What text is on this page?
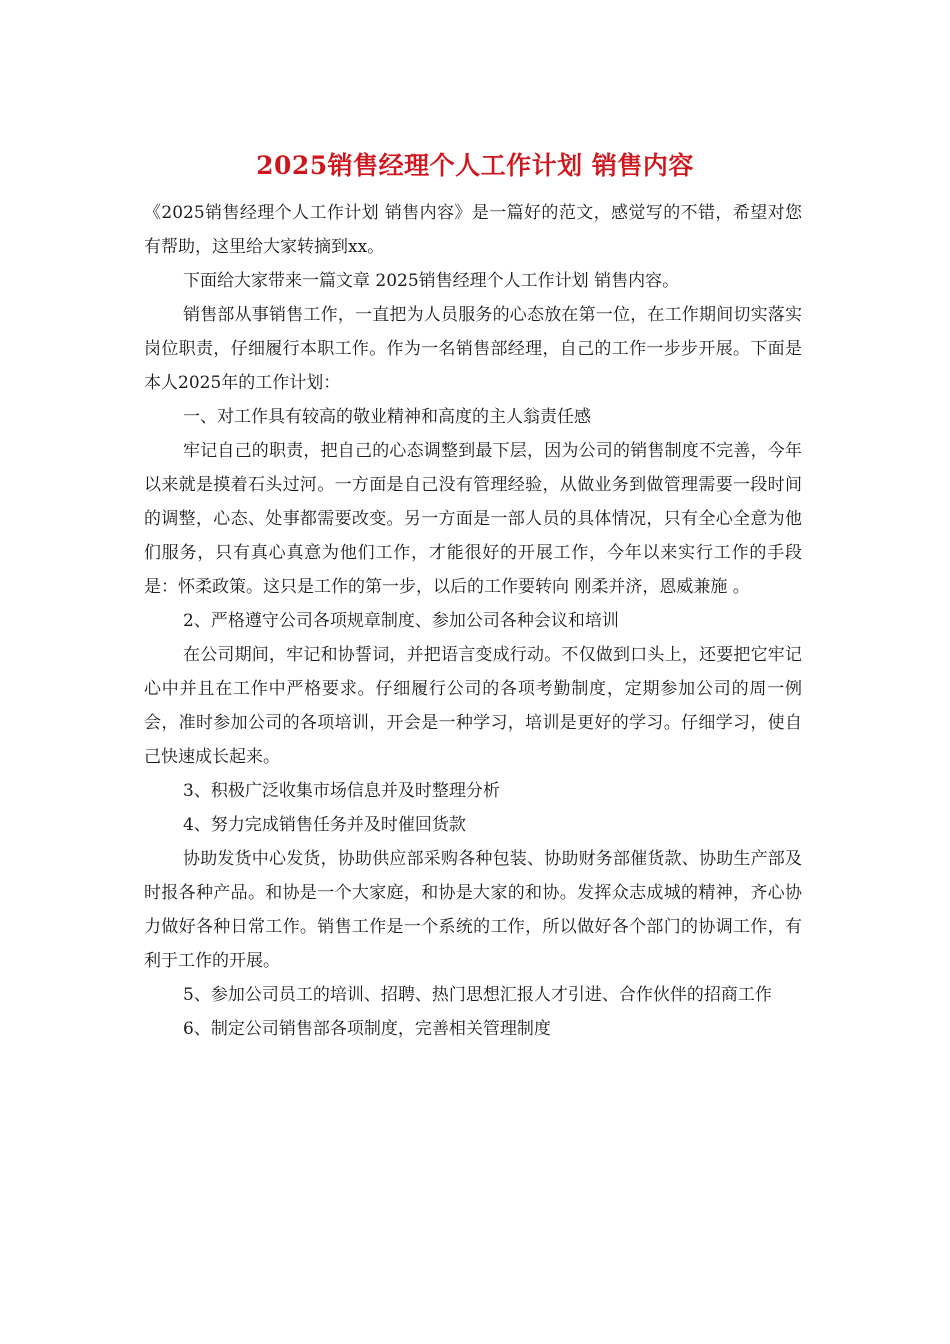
2025销售经理个人工作计划 销售内容

《2025销售经理个人工作计划 销售内容》是一篇好的范文，感觉写的不错，希望对您有帮助，这里给大家转摘到xx。

下面给大家带来一篇文章 2025销售经理个人工作计划 销售内容。

销售部从事销售工作，一直把为人员服务的心态放在第一位，在工作期间切实落实岗位职责，仔细履行本职工作。作为一名销售部经理，自己的工作一步步开展。下面是本人2025年的工作计划：

一、对工作具有较高的敬业精神和高度的主人翁责任感

牢记自己的职责，把自己的心态调整到最下层，因为公司的销售制度不完善，今年以来就是摸着石头过河。一方面是自己没有管理经验，从做业务到做管理需要一段时间的调整，心态、处事都需要改变。另一方面是一部人员的具体情况，只有全心全意为他们服务，只有真心真意为他们工作，才能很好的开展工作，今年以来实行工作的手段是：怀柔政策。这只是工作的第一步，以后的工作要转向 刚柔并济，恩威兼施 。

2、严格遵守公司各项规章制度、参加公司各种会议和培训

在公司期间，牢记和协誓词，并把语言变成行动。不仅做到口头上，还要把它牢记心中并且在工作中严格要求。仔细履行公司的各项考勤制度，定期参加公司的周一例会，准时参加公司的各项培训，开会是一种学习，培训是更好的学习。仔细学习，使自己快速成长起来。

3、积极广泛收集市场信息并及时整理分析

4、努力完成销售任务并及时催回货款

协助发货中心发货，协助供应部采购各种包装、协助财务部催货款、协助生产部及时报各种产品。和协是一个大家庭，和协是大家的和协。发挥众志成城的精神，齐心协力做好各种日常工作。销售工作是一个系统的工作，所以做好各个部门的协调工作，有利于工作的开展。

5、参加公司员工的培训、招聘、热门思想汇报人才引进、合作伙伴的招商工作

6、制定公司销售部各项制度，完善相关管理制度
